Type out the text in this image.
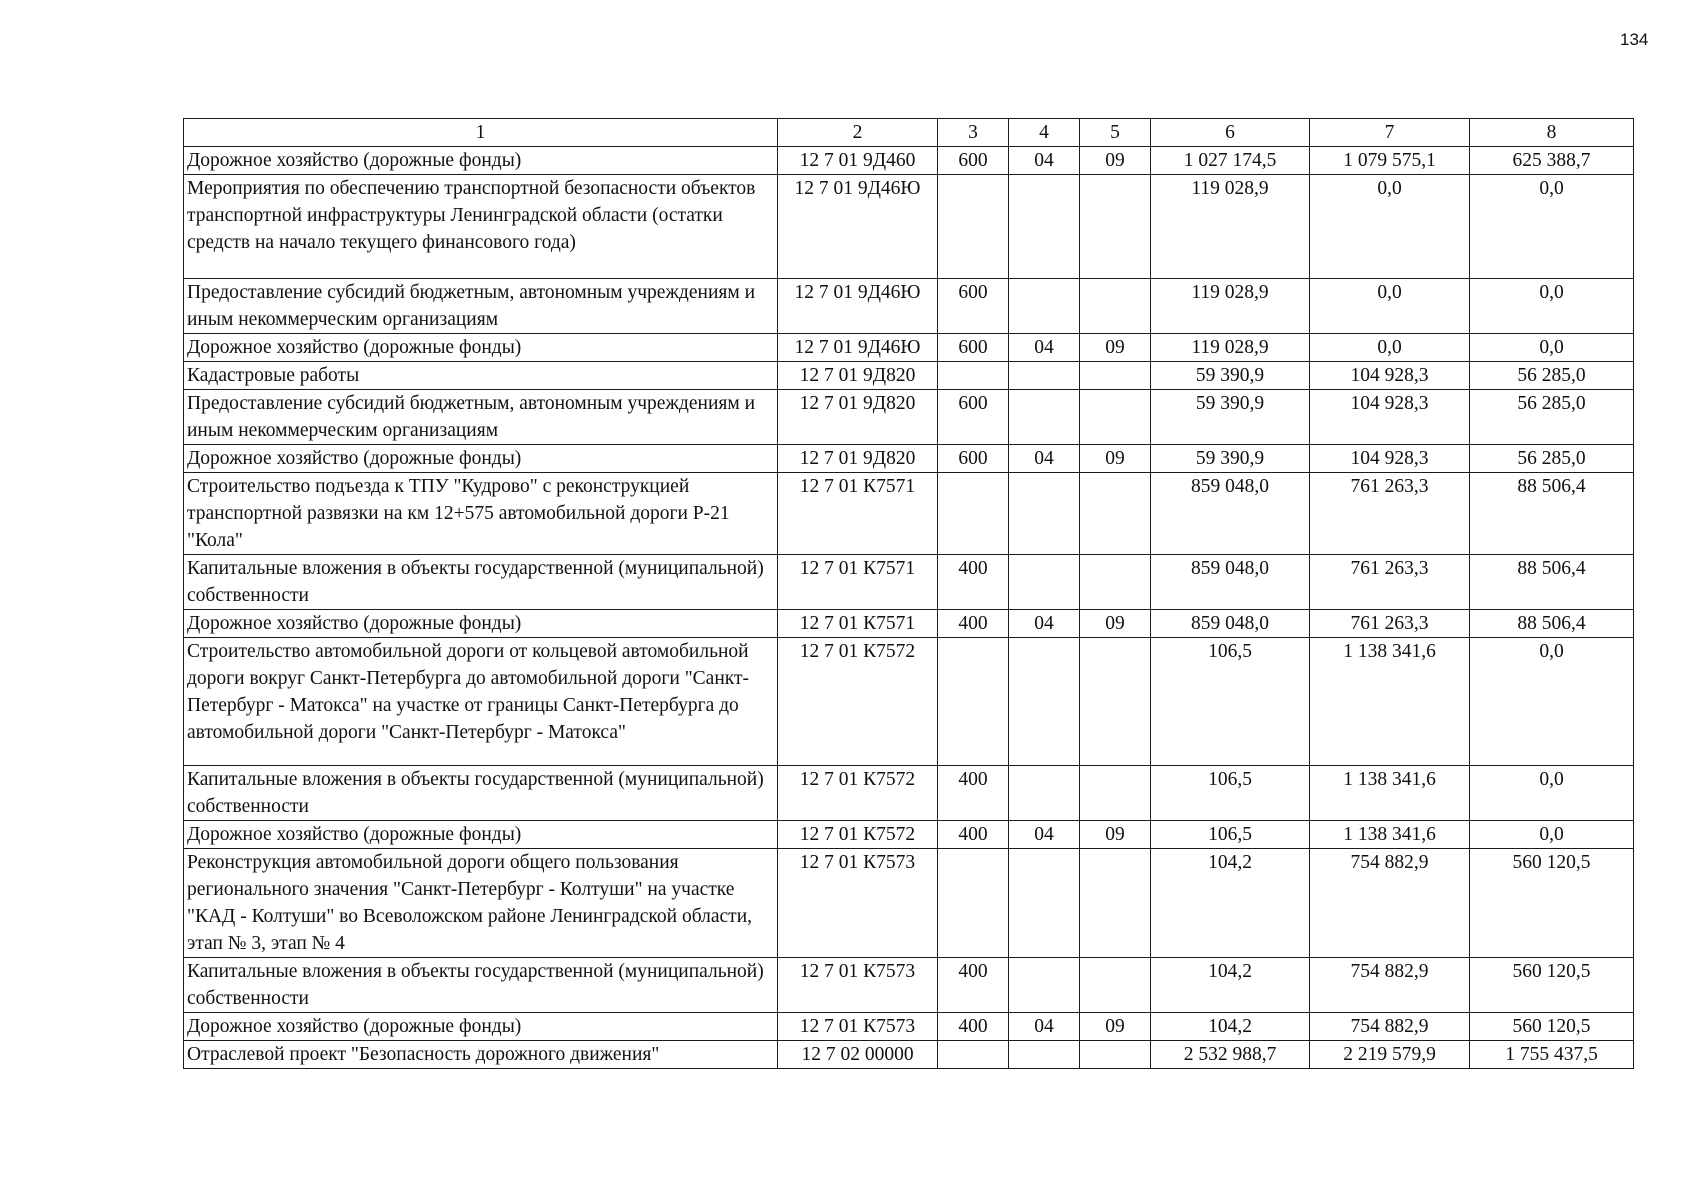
134
1	2	3	4	5	6	7	8
Дорожное хозяйство (дорожные фонды)	12 7 01 9Д460	600	04	09	1 027 174,5	1 079 575,1	625 388,7
Мероприятия по обеспечению транспортной безопасности объектов транспортной инфраструктуры Ленинградской области (остатки средств на начало текущего финансового года)	12 7 01 9Д46Ю				119 028,9	0,0	0,0
Предоставление субсидий бюджетным, автономным учреждениям и иным некоммерческим организациям	12 7 01 9Д46Ю	600			119 028,9	0,0	0,0
Дорожное хозяйство (дорожные фонды)	12 7 01 9Д46Ю	600	04	09	119 028,9	0,0	0,0
Кадастровые работы	12 7 01 9Д820				59 390,9	104 928,3	56 285,0
Предоставление субсидий бюджетным, автономным учреждениям и иным некоммерческим организациям	12 7 01 9Д820	600			59 390,9	104 928,3	56 285,0
Дорожное хозяйство (дорожные фонды)	12 7 01 9Д820	600	04	09	59 390,9	104 928,3	56 285,0
Строительство подъезда к ТПУ "Кудрово" с реконструкцией транспортной развязки на км 12+575 автомобильной дороги Р-21 "Кола"	12 7 01 К7571				859 048,0	761 263,3	88 506,4
Капитальные вложения в объекты государственной (муниципальной) собственности	12 7 01 К7571	400			859 048,0	761 263,3	88 506,4
Дорожное хозяйство (дорожные фонды)	12 7 01 К7571	400	04	09	859 048,0	761 263,3	88 506,4
Строительство автомобильной дороги от кольцевой автомобильной дороги вокруг Санкт-Петербурга до автомобильной дороги "Санкт-Петербург - Матокса" на участке от границы Санкт-Петербурга до автомобильной дороги "Санкт-Петербург - Матокса"	12 7 01 К7572				106,5	1 138 341,6	0,0
Капитальные вложения в объекты государственной (муниципальной) собственности	12 7 01 К7572	400			106,5	1 138 341,6	0,0
Дорожное хозяйство (дорожные фонды)	12 7 01 К7572	400	04	09	106,5	1 138 341,6	0,0
Реконструкция автомобильной дороги общего пользования регионального значения "Санкт-Петербург - Колтуши" на участке "КАД - Колтуши" во Всеволожском районе Ленинградской области, этап № 3, этап № 4	12 7 01 К7573				104,2	754 882,9	560 120,5
Капитальные вложения в объекты государственной (муниципальной) собственности	12 7 01 К7573	400			104,2	754 882,9	560 120,5
Дорожное хозяйство (дорожные фонды)	12 7 01 К7573	400	04	09	104,2	754 882,9	560 120,5
Отраслевой проект "Безопасность дорожного движения"	12 7 02 00000				2 532 988,7	2 219 579,9	1 755 437,5
